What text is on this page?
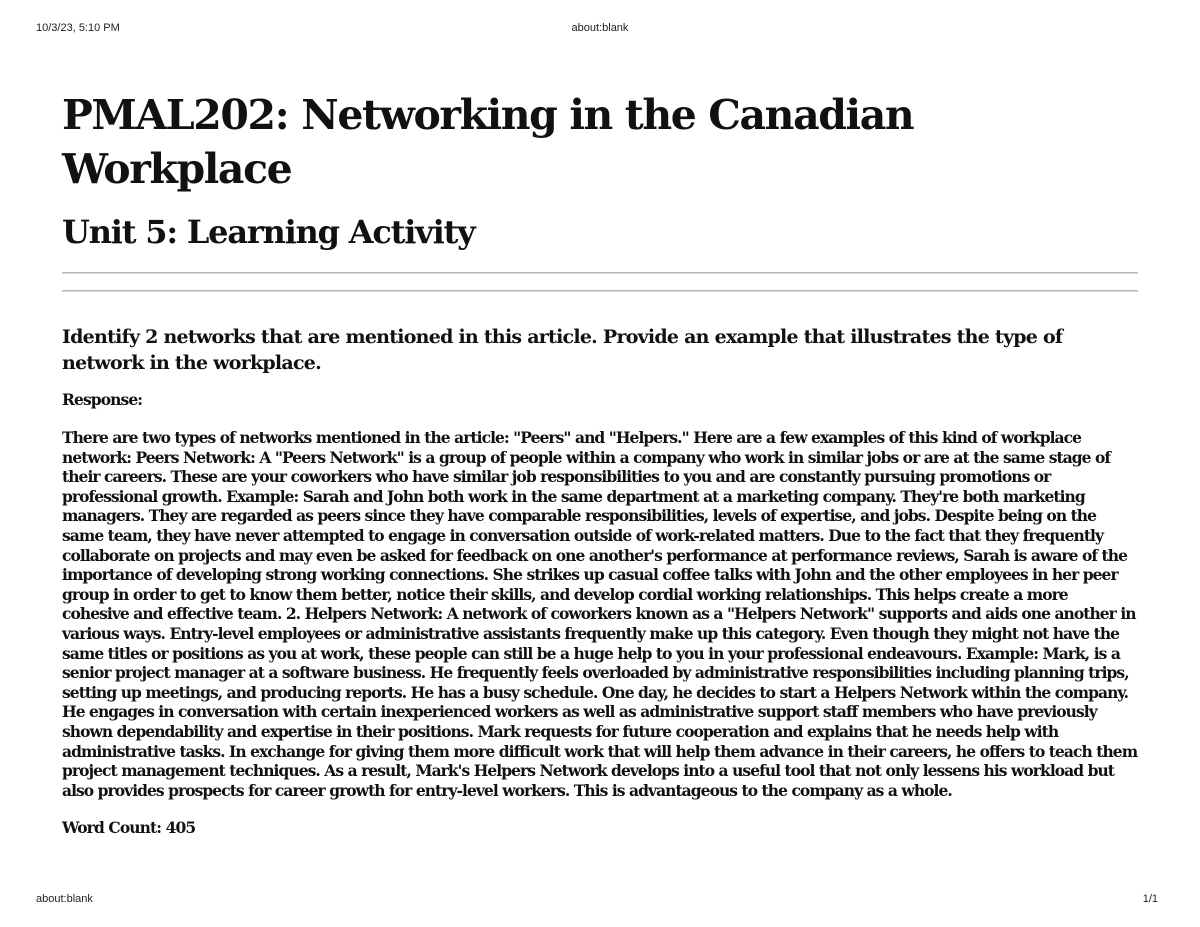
10/3/23, 5:10 PM	about:blank
PMAL202: Networking in the Canadian Workplace
Unit 5: Learning Activity

Identify 2 networks that are mentioned in this article. Provide an example that illustrates the type of network in the workplace.

Response:

There are two types of networks mentioned in the article: "Peers" and "Helpers." Here are a few examples of this kind of workplace network: Peers Network: A "Peers Network" is a group of people within a company who work in similar jobs or are at the same stage of their careers. These are your coworkers who have similar job responsibilities to you and are constantly pursuing promotions or professional growth. Example: Sarah and John both work in the same department at a marketing company. They're both marketing managers. They are regarded as peers since they have comparable responsibilities, levels of expertise, and jobs. Despite being on the same team, they have never attempted to engage in conversation outside of work-related matters. Due to the fact that they frequently collaborate on projects and may even be asked for feedback on one another's performance at performance reviews, Sarah is aware of the importance of developing strong working connections. She strikes up casual coffee talks with John and the other employees in her peer group in order to get to know them better, notice their skills, and develop cordial working relationships. This helps create a more cohesive and effective team. 2. Helpers Network: A network of coworkers known as a "Helpers Network" supports and aids one another in various ways. Entry-level employees or administrative assistants frequently make up this category. Even though they might not have the same titles or positions as you at work, these people can still be a huge help to you in your professional endeavours. Example: Mark, is a senior project manager at a software business. He frequently feels overloaded by administrative responsibilities including planning trips, setting up meetings, and producing reports. He has a busy schedule. One day, he decides to start a Helpers Network within the company. He engages in conversation with certain inexperienced workers as well as administrative support staff members who have previously shown dependability and expertise in their positions. Mark requests for future cooperation and explains that he needs help with administrative tasks. In exchange for giving them more difficult work that will help them advance in their careers, he offers to teach them project management techniques. As a result, Mark's Helpers Network develops into a useful tool that not only lessens his workload but also provides prospects for career growth for entry-level workers. This is advantageous to the company as a whole.

Word Count: 405

about:blank	1/1
